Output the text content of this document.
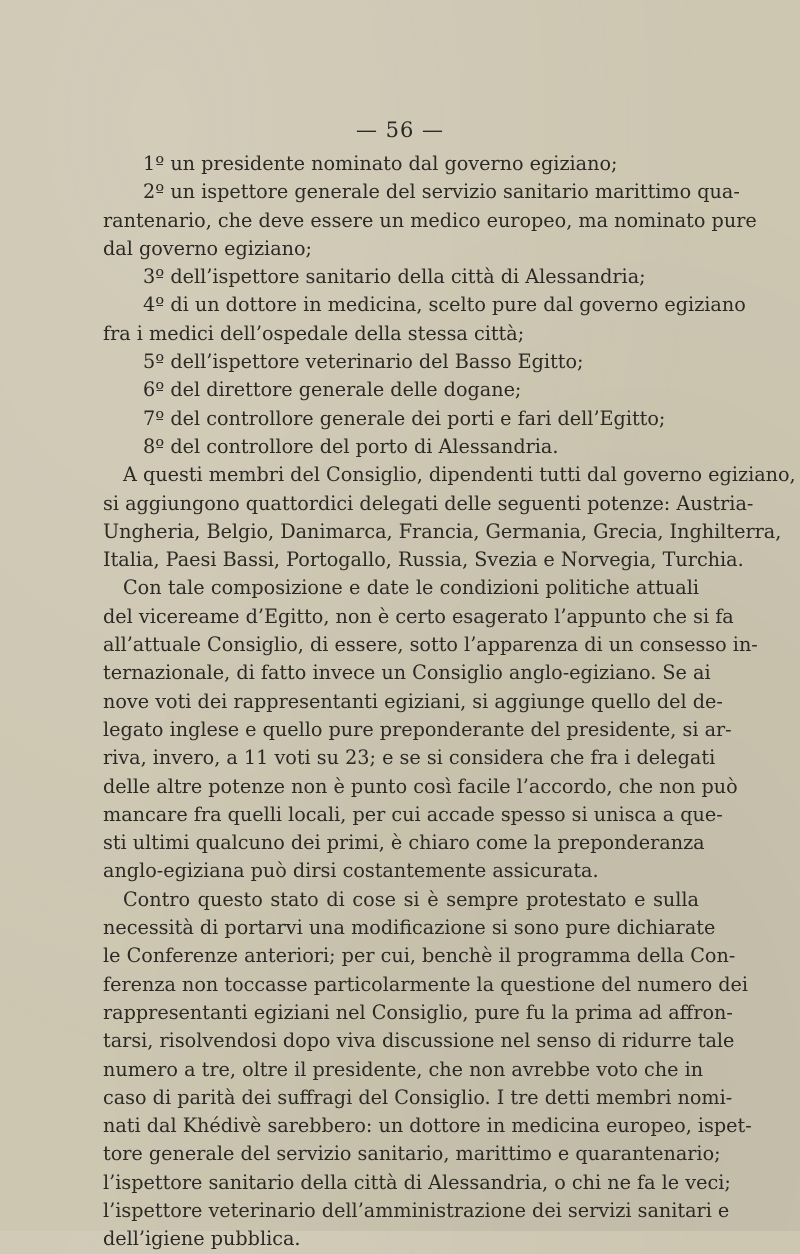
— 56 —
1º un presidente nominato dal governo egiziano;
2º un ispettore generale del servizio sanitario marittimo qua-
rantenario, che deve essere un medico europeo, ma nominato pure
dal governo egiziano;
3º dell’ispettore sanitario della città di Alessandria;
4º di un dottore in medicina, scelto pure dal governo egiziano
fra i medici dell’ospedale della stessa città;
5º dell’ispettore veterinario del Basso Egitto;
6º del direttore generale delle dogane;
7º del controllore generale dei porti e fari dell’Egitto;
8º del controllore del porto di Alessandria.
A questi membri del Consiglio, dipendenti tutti dal governo egiziano,
si aggiungono quattordici delegati delle seguenti potenze: Austria-
Ungheria, Belgio, Danimarca, Francia, Germania, Grecia, Inghilterra,
Italia, Paesi Bassi, Portogallo, Russia, Svezia e Norvegia, Turchia.
Con tale composizione e date le condizioni politiche attuali
del vicereame d’Egitto, non è certo esagerato l’appunto che si fa
all’attuale Consiglio, di essere, sotto l’apparenza di un consesso in-
ternazionale, di fatto invece un Consiglio anglo-egiziano. Se ai
nove voti dei rappresentanti egiziani, si aggiunge quello del de-
legato inglese e quello pure preponderante del presidente, si ar-
riva, invero, a 11 voti su 23; e se si considera che fra i delegati
delle altre potenze non è punto così facile l’accordo, che non può
mancare fra quelli locali, per cui accade spesso si unisca a que-
sti ultimi qualcuno dei primi, è chiaro come la preponderanza
anglo-egiziana può dirsi costantemente assicurata.
Contro questo stato di cose si è sempre protestato e sulla
necessità di portarvi una modificazione si sono pure dichiarate
le Conferenze anteriori; per cui, benchè il programma della Con-
ferenza non toccasse particolarmente la questione del numero dei
rappresentanti egiziani nel Consiglio, pure fu la prima ad affron-
tarsi, risolvendosi dopo viva discussione nel senso di ridurre tale
numero a tre, oltre il presidente, che non avrebbe voto che in
caso di parità dei suffragi del Consiglio. I tre detti membri nomi-
nati dal Khédivè sarebbero: un dottore in medicina europeo, ispet-
tore generale del servizio sanitario, marittimo e quarantenario;
l’ispettore sanitario della città di Alessandria, o chi ne fa le veci;
l’ispettore veterinario dell’amministrazione dei servizi sanitari e
dell’igiene pubblica.
